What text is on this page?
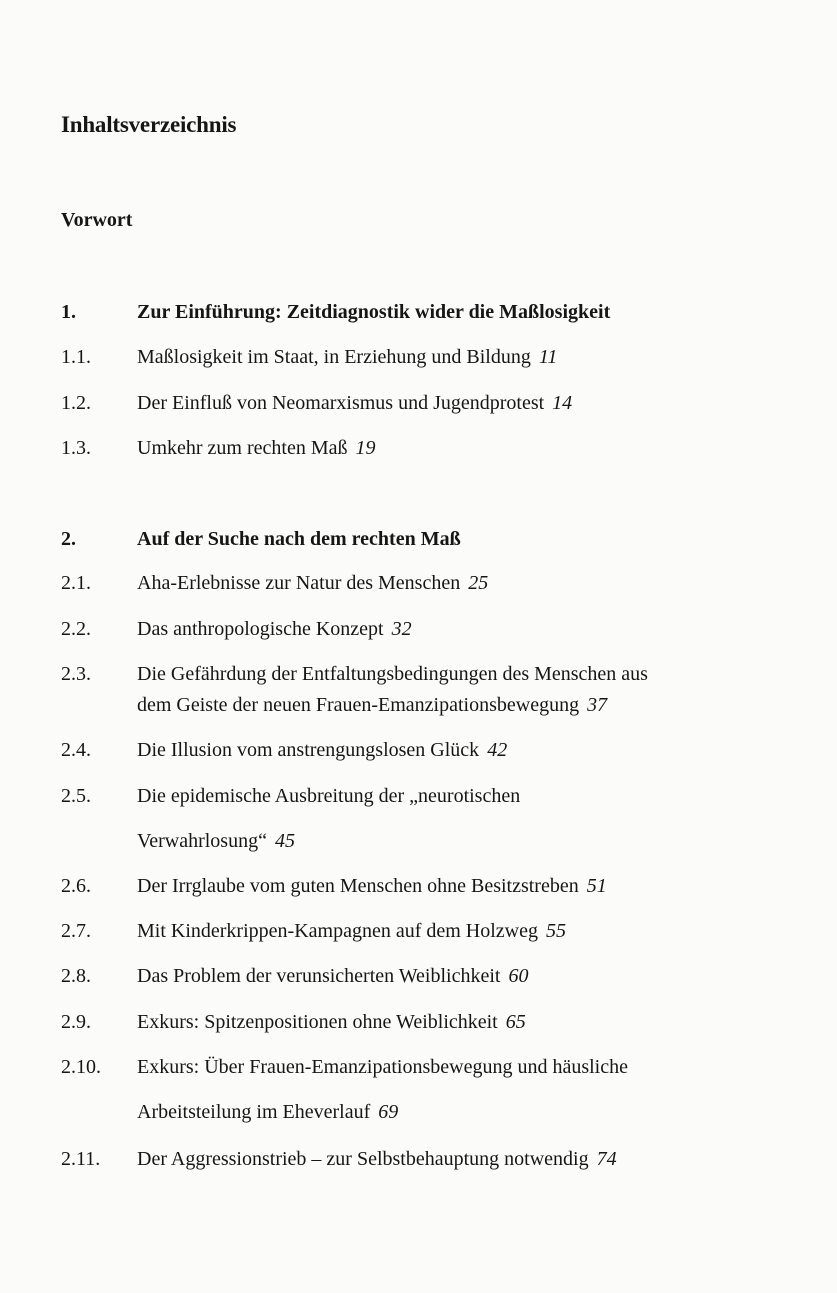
Inhaltsverzeichnis
Vorwort
1.	Zur Einführung: Zeitdiagnostik wider die Maßlosigkeit
1.1. Maßlosigkeit im Staat, in Erziehung und Bildung 11
1.2. Der Einfluß von Neomarxismus und Jugendprotest 14
1.3. Umkehr zum rechten Maß 19
2.	Auf der Suche nach dem rechten Maß
2.1. Aha-Erlebnisse zur Natur des Menschen 25
2.2. Das anthropologische Konzept 32
2.3. Die Gefährdung der Entfaltungsbedingungen des Menschen aus
dem Geiste der neuen Frauen-Emanzipationsbewegung 37
2.4. Die Illusion vom anstrengungslosen Glück 42
2.5. Die epidemische Ausbreitung der „neurotischen
Verwahrlosung“ 45
2.6. Der Irrglaube vom guten Menschen ohne Besitzstreben 51
2.7. Mit Kinderkrippen-Kampagnen auf dem Holzweg 55
2.8. Das Problem der verunsicherten Weiblichkeit 60
2.9. Exkurs: Spitzenpositionen ohne Weiblichkeit 65
2.10. Exkurs: Über Frauen-Emanzipationsbewegung und häusliche
Arbeitsteilung im Eheverlauf 69
2.11. Der Aggressionstrieb – zur Selbstbehauptung notwendig 74
